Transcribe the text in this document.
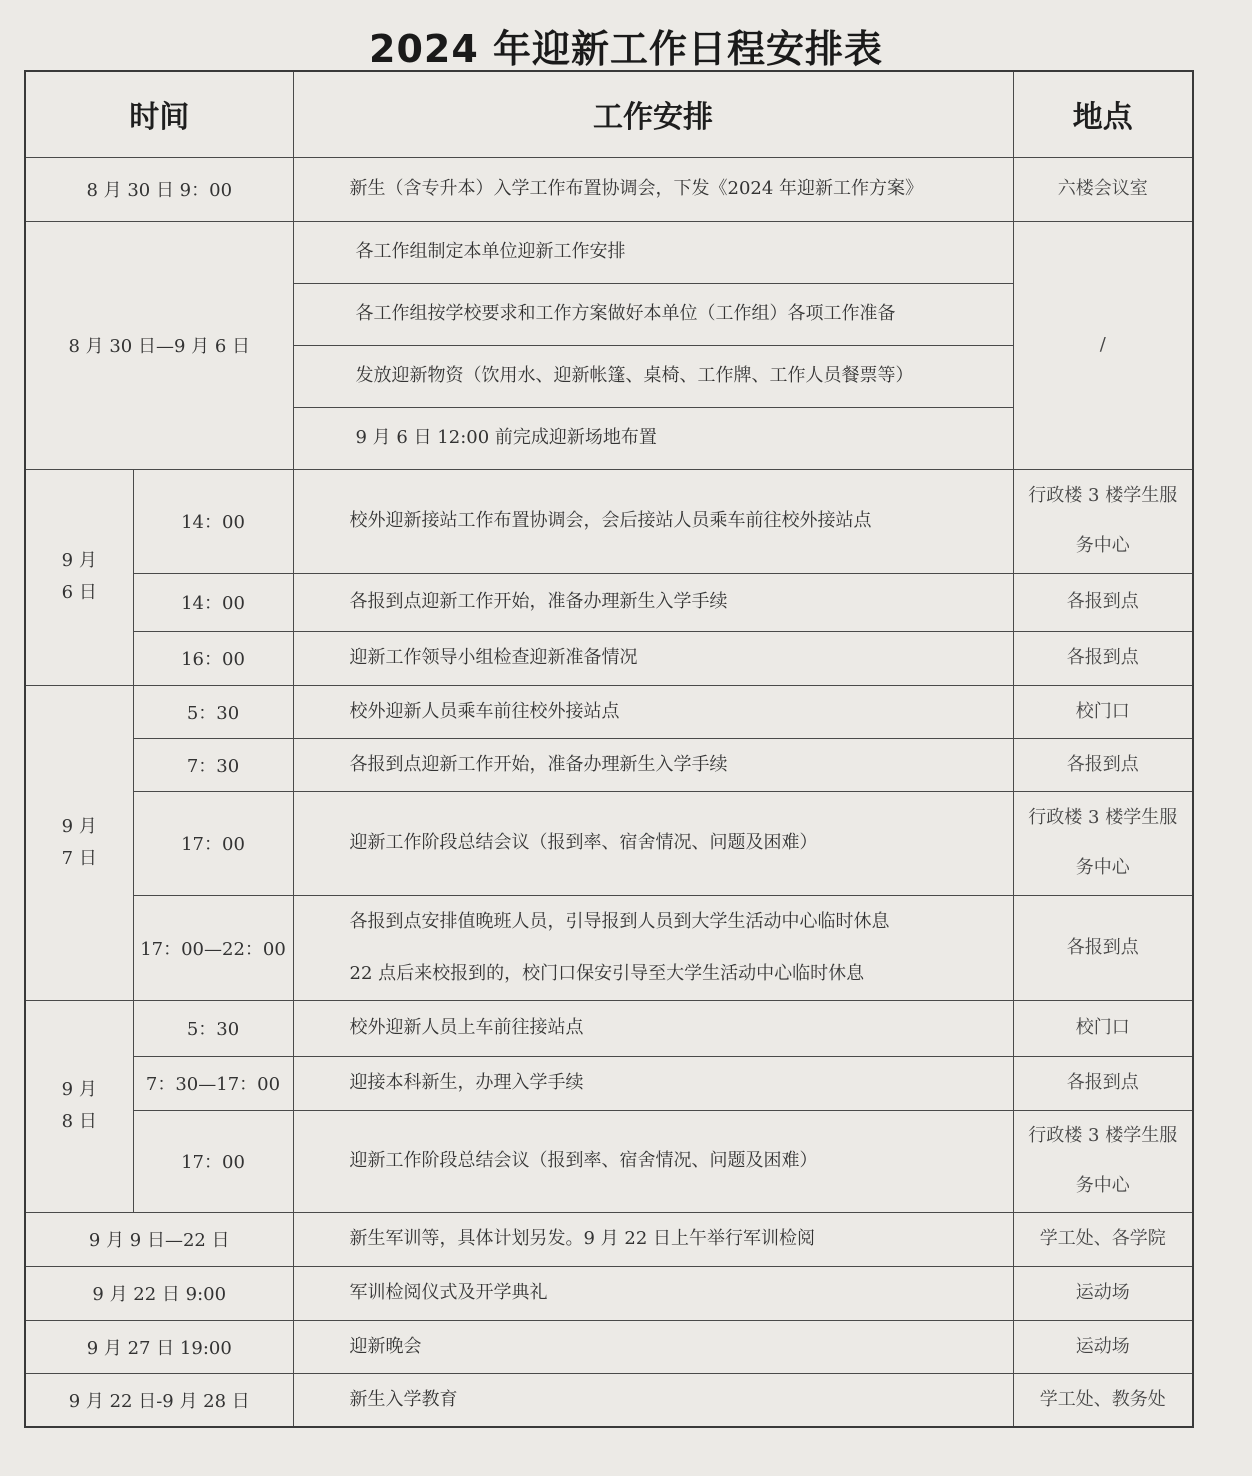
2024 年迎新工作日程安排表
时间		工作安排	地点
8 月 30 日 9：00		新生（含专升本）入学工作布置协调会，下发《2024 年迎新工作方案》	六楼会议室
8 月 30 日—9 月 6 日		各工作组制定本单位迎新工作安排	/
		各工作组按学校要求和工作方案做好本单位（工作组）各项工作准备	
		发放迎新物资（饮用水、迎新帐篷、桌椅、工作牌、工作人员餐票等）	
		9 月 6 日 12:00 前完成迎新场地布置	

9 月
6 日	14：00	校外迎新接站工作布置协调会，会后接站人员乘车前往校外接站点	行政楼 3 楼学生服
务中心

	14：00	各报到点迎新工作开始，准备办理新生入学手续	各报到点
	16：00	迎新工作领导小组检查迎新准备情况	各报到点

9 月
7 日	5：30	校外迎新人员乘车前往校外接站点	校门口
	7：30	各报到点迎新工作开始，准备办理新生入学手续	各报到点
	17：00	迎新工作阶段总结会议（报到率、宿舍情况、问题及困难）	行政楼 3 楼学生服
务中心

	17：00—22：00	各报到点安排值晚班人员，引导报到人员到大学生活动中心临时休息
22 点后来校报到的，校门口保安引导至大学生活动中心临时休息	各报到点

9 月
8 日	5：30	校外迎新人员上车前往接站点	校门口
	7：30—17：00	迎接本科新生，办理入学手续	各报到点
	17：00	迎新工作阶段总结会议（报到率、宿舍情况、问题及困难）	行政楼 3 楼学生服
务中心

9 月 9 日—22 日		新生军训等，具体计划另发。9 月 22 日上午举行军训检阅	学工处、各学院
9 月 22 日 9:00		军训检阅仪式及开学典礼	运动场
9 月 27 日 19:00		迎新晚会	运动场
9 月 22 日-9 月 28 日		新生入学教育	学工处、教务处
